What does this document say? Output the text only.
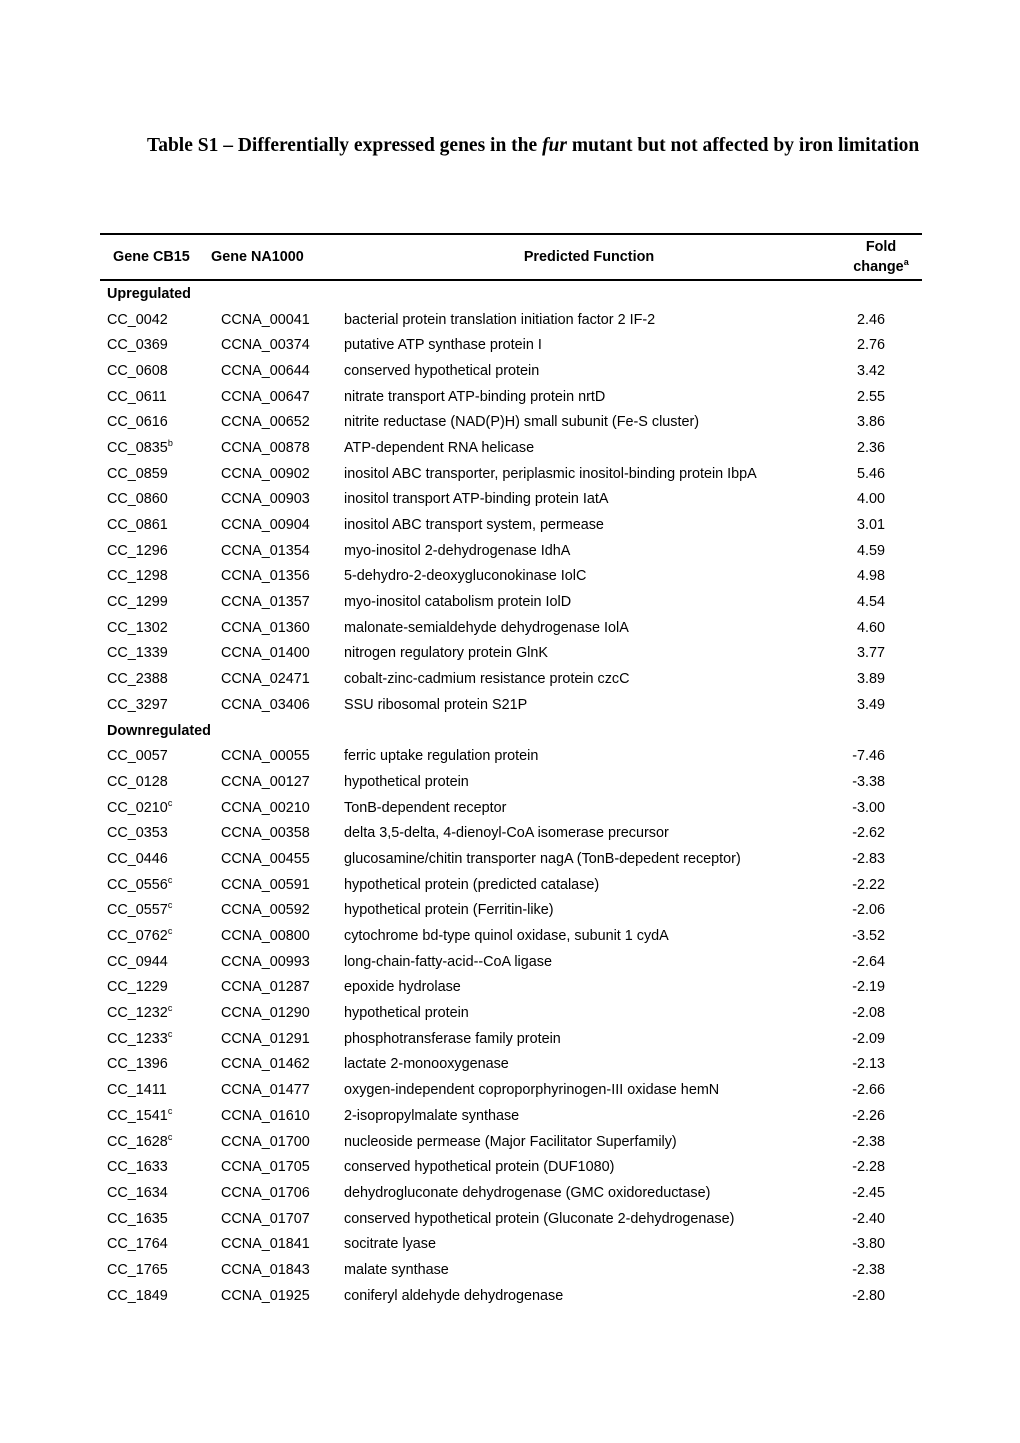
Table S1 – Differentially expressed genes in the fur mutant but not affected by iron limitation
Gene CB15	Gene NA1000	Predicted Function	Fold
change$^a$
Upregulated			
CC_0042	CCNA_00041	bacterial protein translation initiation factor 2 IF-2	2.46
CC_0369	CCNA_00374	putative ATP synthase protein I	2.76
CC_0608	CCNA_00644	conserved hypothetical protein	3.42
CC_0611	CCNA_00647	nitrate transport ATP-binding protein nrtD	2.55
CC_0616	CCNA_00652	nitrite reductase (NAD(P)H) small subunit (Fe-S cluster)	3.86
CC_0835$^b$	CCNA_00878	ATP-dependent RNA helicase	2.36
CC_0859	CCNA_00902	inositol ABC transporter, periplasmic inositol-binding protein IbpA	5.46
CC_0860	CCNA_00903	inositol transport ATP-binding protein IatA	4.00
CC_0861	CCNA_00904	inositol ABC transport system, permease	3.01
CC_1296	CCNA_01354	myo-inositol 2-dehydrogenase IdhA	4.59
CC_1298	CCNA_01356	5-dehydro-2-deoxygluconokinase IolC	4.98
CC_1299	CCNA_01357	myo-inositol catabolism protein IolD	4.54
CC_1302	CCNA_01360	malonate-semialdehyde dehydrogenase IolA	4.60
CC_1339	CCNA_01400	nitrogen regulatory protein GlnK	3.77
CC_2388	CCNA_02471	cobalt-zinc-cadmium resistance protein czcC	3.89
CC_3297	CCNA_03406	SSU ribosomal protein S21P	3.49
Downregulated			
CC_0057	CCNA_00055	ferric uptake regulation protein	-7.46
CC_0128	CCNA_00127	hypothetical protein	-3.38
CC_0210$^c$	CCNA_00210	TonB-dependent receptor	-3.00
CC_0353	CCNA_00358	delta 3,5-delta, 4-dienoyl-CoA isomerase precursor	-2.62
CC_0446	CCNA_00455	glucosamine/chitin transporter nagA (TonB-depedent receptor)	-2.83
CC_0556$^c$	CCNA_00591	hypothetical protein (predicted catalase)	-2.22
CC_0557$^c$	CCNA_00592	hypothetical protein (Ferritin-like)	-2.06
CC_0762$^c$	CCNA_00800	cytochrome bd-type quinol oxidase, subunit 1 cydA	-3.52
CC_0944	CCNA_00993	long-chain-fatty-acid--CoA ligase	-2.64
CC_1229	CCNA_01287	epoxide hydrolase	-2.19
CC_1232$^c$	CCNA_01290	hypothetical protein	-2.08
CC_1233$^c$	CCNA_01291	phosphotransferase family protein	-2.09
CC_1396	CCNA_01462	lactate 2-monooxygenase	-2.13
CC_1411	CCNA_01477	oxygen-independent coproporphyrinogen-III oxidase hemN	-2.66
CC_1541$^c$	CCNA_01610	2-isopropylmalate synthase	-2.26
CC_1628$^c$	CCNA_01700	nucleoside permease (Major Facilitator Superfamily)	-2.38
CC_1633	CCNA_01705	conserved hypothetical protein (DUF1080)	-2.28
CC_1634	CCNA_01706	dehydrogluconate dehydrogenase (GMC oxidoreductase)	-2.45
CC_1635	CCNA_01707	conserved hypothetical protein (Gluconate 2-dehydrogenase)	-2.40
CC_1764	CCNA_01841	socitrate lyase	-3.80
CC_1765	CCNA_01843	malate synthase	-2.38
CC_1849	CCNA_01925	coniferyl aldehyde dehydrogenase	-2.80
